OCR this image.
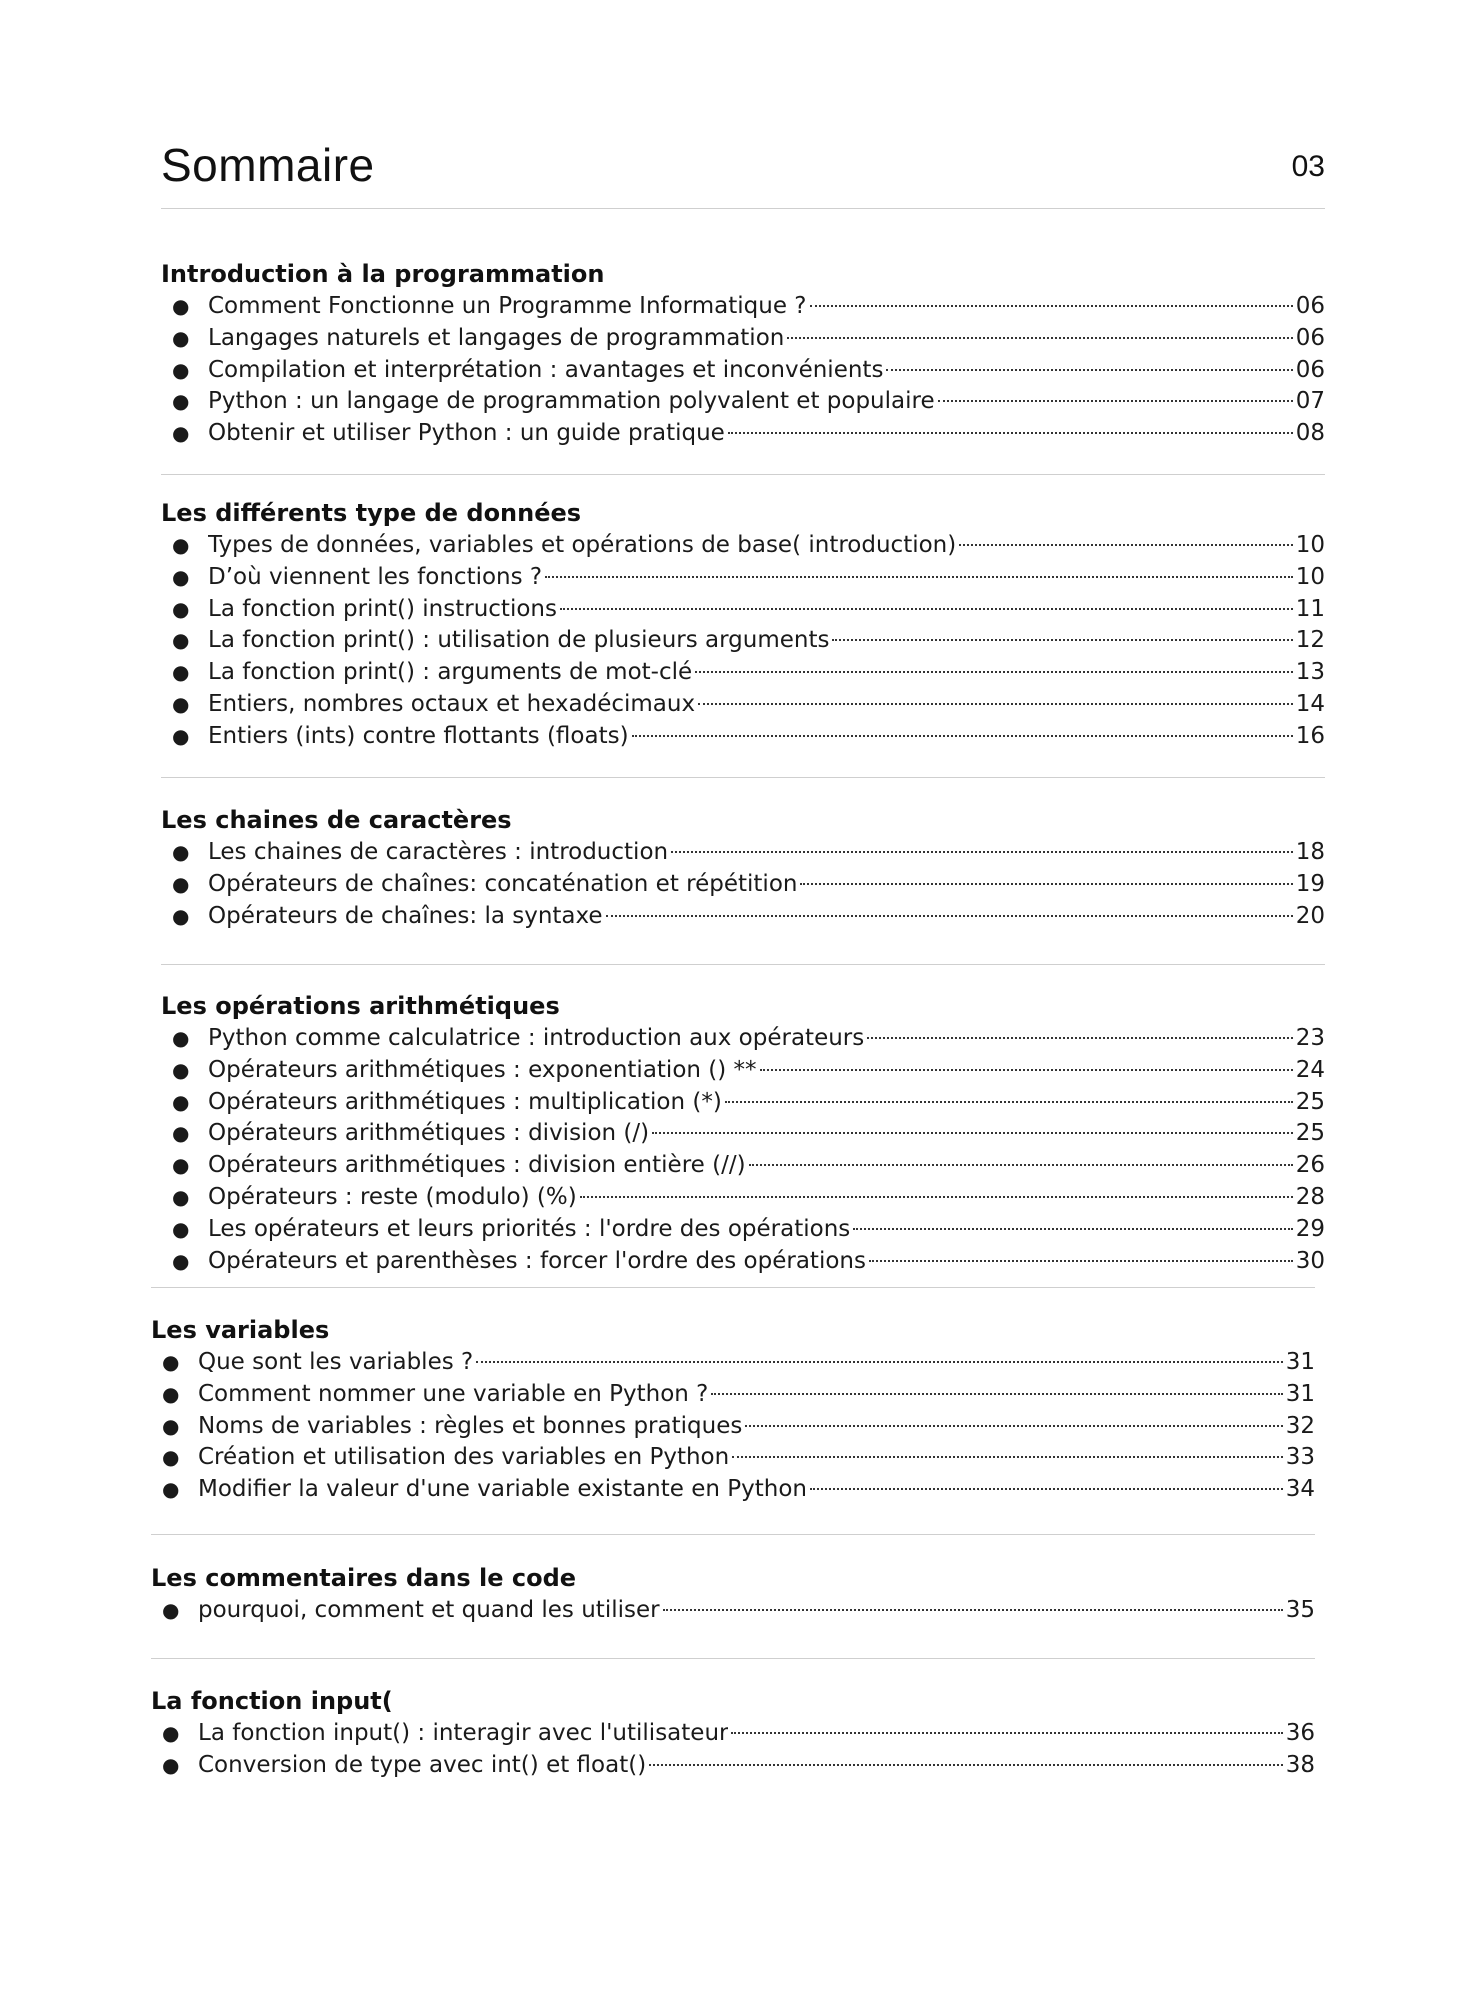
Sommaire	03
Introduction à la programmation
● Comment Fonctionne un Programme Informatique ?	06
● Langages naturels et langages de programmation	06
● Compilation et interprétation : avantages et inconvénients	06
● Python : un langage de programmation polyvalent et populaire	07
● Obtenir et utiliser Python : un guide pratique	08
Les différents type de données
● Types de données, variables et opérations de base( introduction)	10
● D’où viennent les fonctions ?	10
● La fonction print() instructions	11
● La fonction print() : utilisation de plusieurs arguments	12
● La fonction print() : arguments de mot-clé	13
● Entiers, nombres octaux et hexadécimaux	14
● Entiers (ints) contre flottants (floats)	16
Les chaines de caractères
● Les chaines de caractères : introduction	18
● Opérateurs de chaînes: concaténation et répétition	19
● Opérateurs de chaînes: la syntaxe	20
Les opérations arithmétiques
● Python comme calculatrice : introduction aux opérateurs	23
● Opérateurs arithmétiques : exponentiation () **	24
● Opérateurs arithmétiques : multiplication (*)	25
● Opérateurs arithmétiques : division (/)	25
● Opérateurs arithmétiques : division entière (//)	26
● Opérateurs : reste (modulo) (%)	28
● Les opérateurs et leurs priorités : l'ordre des opérations	29
● Opérateurs et parenthèses : forcer l'ordre des opérations	30
Les variables
● Que sont les variables ?	31
● Comment nommer une variable en Python ?	31
● Noms de variables : règles et bonnes pratiques	32
● Création et utilisation des variables en Python	33
● Modifier la valeur d'une variable existante en Python	34
Les commentaires dans le code
● pourquoi, comment et quand les utiliser	35
La fonction input(
● La fonction input() : interagir avec l'utilisateur	36
● Conversion de type avec int() et float()	38
